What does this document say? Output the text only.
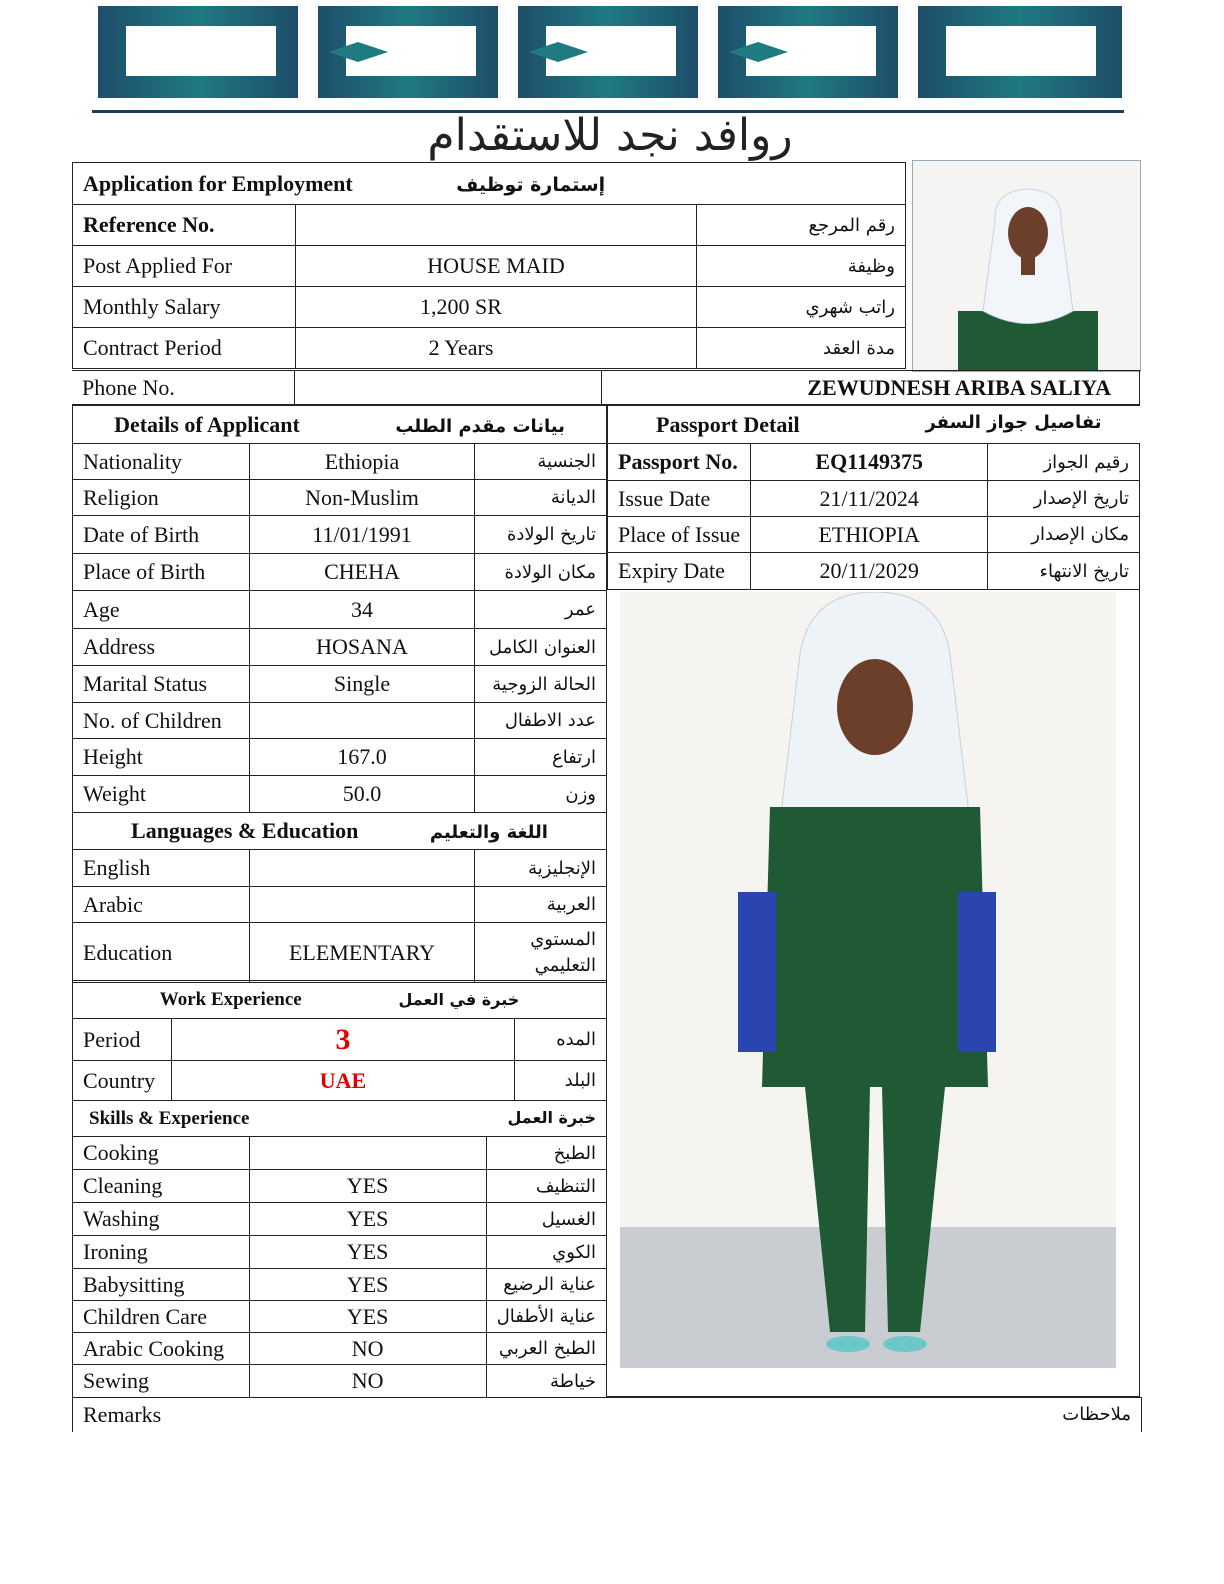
روافد نجد للاستقدام
Application for Employment إستمارة توظيف		
Reference No.		رقم المرجع
Post Applied For	HOUSE MAID	وظيفة
Monthly Salary	1,200 SR	راتب شهري
Contract Period	2 Years	مدة العقد
Phone No.		ZEWUDNESH ARIBA SALIYA
Details of Applicant بيانات مقدم الطلب		
Nationality	Ethiopia	الجنسية
Religion	Non-Muslim	الديانة
Date of Birth	11/01/1991	تاريخ الولادة
Place of Birth	CHEHA	مكان الولادة
Age	34	عمر
Address	HOSANA	العنوان الكامل
Marital Status	Single	الحالة الزوجية
No. of Children		عدد الاطفال
Height	167.0	ارتفاع
Weight	50.0	وزن
Languages & Education اللغة والتعليم		
English		الإنجليزية
Arabic		العربية
Education	ELEMENTARY	المستوي التعليمي
Work Experience خبرة في العمل		
Period	3	المده
Country	UAE	البلد
Skills & Experience خبرة العمل		

Cooking		الطبخ
Cleaning	YES	التنظيف
Washing	YES	الغسيل
Ironing	YES	الكوي
Babysitting	YES	عناية الرضيع
Children Care	YES	عناية الأطفال
Arabic Cooking	NO	الطبخ العربي
Sewing	NO	خياطة
Passport Detail تفاصيل جواز السفر		

Passport No.	EQ1149375	رقيم الجواز
Issue Date	21/11/2024	تاريخ الإصدار
Place of Issue	ETHIOPIA	مكان الإصدار
Expiry Date	20/11/2029	تاريخ الانتهاء
Remarks	ملاحظات
